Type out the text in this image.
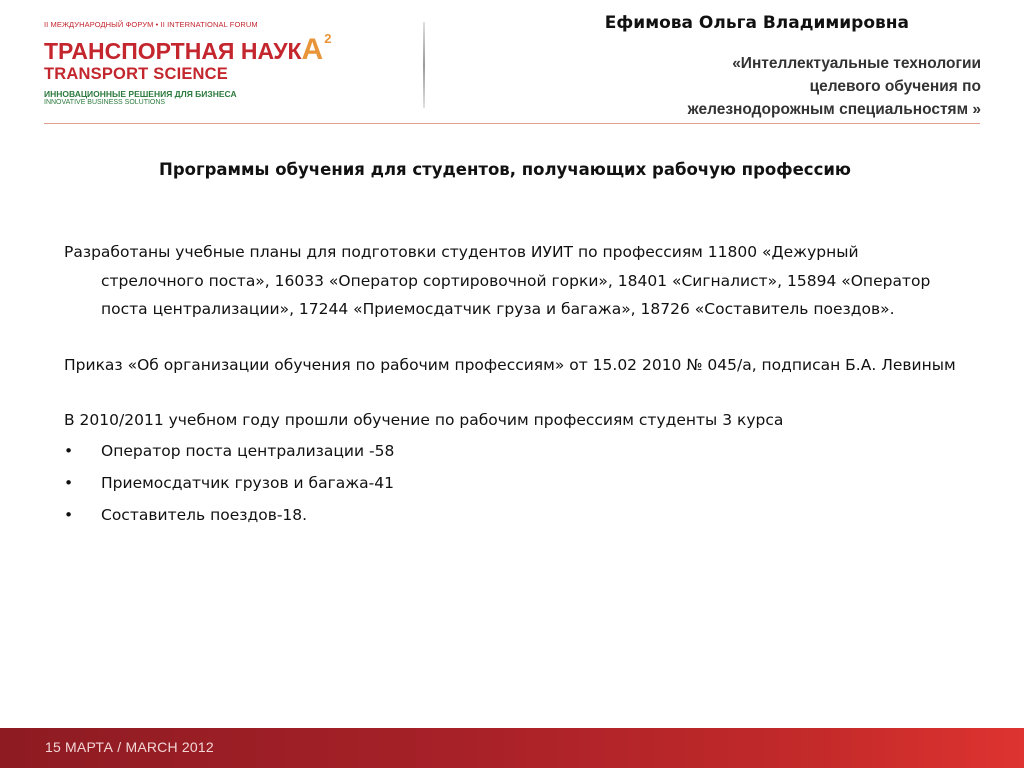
II МЕЖДУНАРОДНЫЙ ФОРУМ • II INTERNATIONAL FORUM
ТРАНСПОРТНАЯ НАУКА$^2$
TRANSPORT SCIENCE
ИННОВАЦИОННЫЕ РЕШЕНИЯ ДЛЯ БИЗНЕСА
INNOVATIVE BUSINESS SOLUTIONS
Ефимова Ольга Владимировна
«Интеллектуальные технологии
целевого обучения по
железнодорожным специальностям »
Программы обучения для студентов, получающих рабочую профессию

Разработаны учебные планы для подготовки студентов ИУИТ по профессиям 11800 «Дежурный стрелочного поста», 16033 «Оператор сортировочной горки», 18401 «Сигналист», 15894 «Оператор поста централизации», 17244 «Приемосдатчик груза и багажа», 18726 «Составитель поездов».

Приказ «Об организации обучения по рабочим профессиям» от 15.02 2010 № 045/а, подписан Б.А. Левиным

В 2010/2011 учебном году прошли обучение по рабочим профессиям студенты 3 курса

• Оператор поста централизации -58
• Приемосдатчик грузов и багажа-41
• Составитель поездов-18.
15 МАРТА / MARCH 2012
